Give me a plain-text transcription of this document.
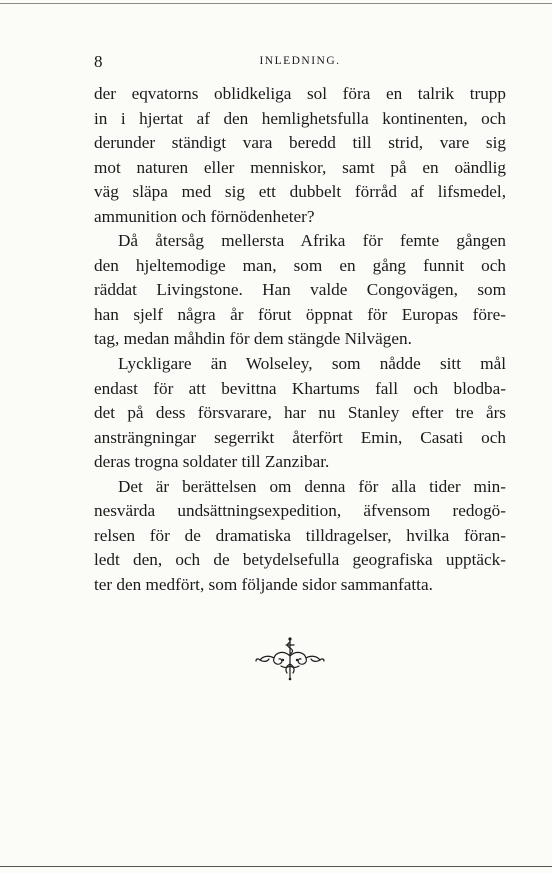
8	INLEDNING.

der eqvatorns oblidkeliga sol föra en talrik trupp
in i hjertat af den hemlighetsfulla kontinenten, och
derunder ständigt vara beredd till strid, vare sig
mot naturen eller menniskor, samt på en oändlig
väg släpa med sig ett dubbelt förråd af lifsmedel,
ammunition och förnödenheter?

Då återsåg mellersta Afrika för femte gången
den hjeltemodige man, som en gång funnit och
räddat Livingstone. Han valde Congovägen, som
han sjelf några år förut öppnat för Europas före-
tag, medan måhdin för dem stängde Nilvägen.

Lyckligare än Wolseley, som nådde sitt mål
endast för att bevittna Khartums fall och blodba-
det på dess försvarare, har nu Stanley efter tre års
ansträngningar segerrikt återfört Emin, Casati och
deras trogna soldater till Zanzibar.

Det är berättelsen om denna för alla tider min-
nesvärda undsättningsexpedition, äfvensom redogö-
relsen för de dramatiska tilldragelser, hvilka föran-
ledt den, och de betydelsefulla geografiska upptäck-
ter den medfört, som följande sidor sammanfatta.
